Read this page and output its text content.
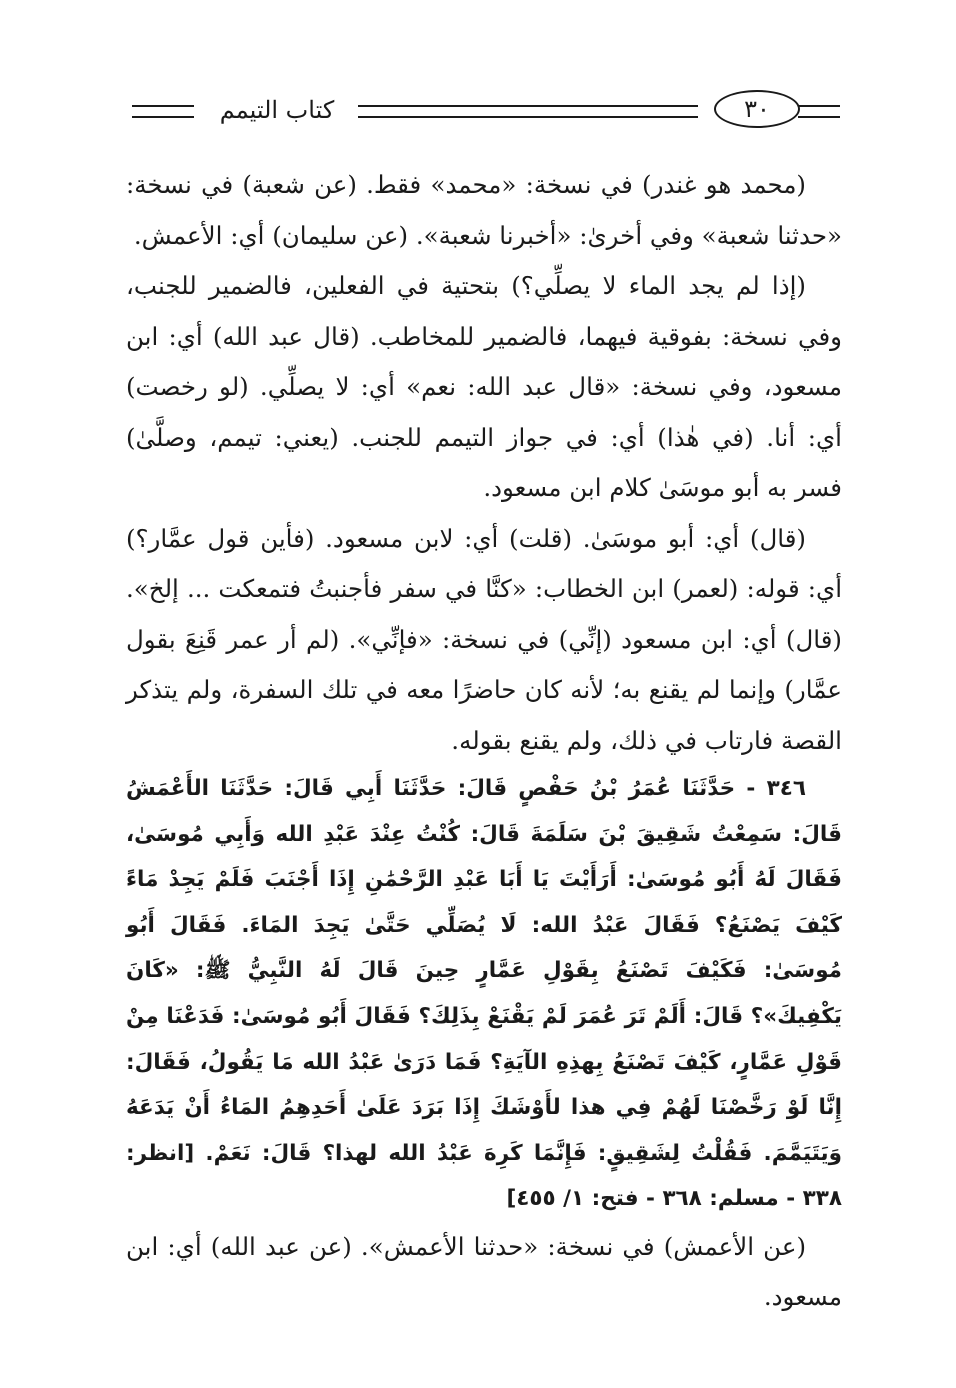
كتاب التيمم	٣٠

(محمد هو غندر) في نسخة: «محمد» فقط. (عن شعبة) في نسخة: «حدثنا شعبة» وفي أخرىٰ: «أخبرنا شعبة». (عن سليمان) أي: الأعمش.

(إذا لم يجد الماء لا يصلِّي؟) بتحتية في الفعلين، فالضمير للجنب، وفي نسخة: بفوقية فيهما، فالضمير للمخاطب. (قال عبد الله) أي: ابن مسعود، وفي نسخة: «قال عبد الله: نعم» أي: لا يصلِّي. (لو رخصت) أي: أنا. (في هٰذا) أي: في جواز التيمم للجنب. (يعني: تيمم، وصلَّىٰ) فسر به أبو موسَىٰ كلام ابن مسعود.

(قال) أي: أبو موسَىٰ. (قلت) أي: لابن مسعود. (فأين قول عمَّار؟) أي: قوله: (لعمر) ابن الخطاب: «كنَّا في سفر فأجنبتُ فتمعكت ... إلخ». (قال) أي: ابن مسعود (إنِّي) في نسخة: «فإنِّي». (لم أر عمر قَنِعَ بقول عمَّار) وإنما لم يقنع به؛ لأنه كان حاضرًا معه في تلك السفرة، ولم يتذكر القصة فارتاب في ذلك، ولم يقنع بقوله.

٣٤٦ - حَدَّثَنَا عُمَرُ بْنُ حَفْصٍ قَالَ: حَدَّثَنَا أَبِي قَالَ: حَدَّثَنَا الأَعْمَشُ قَالَ: سَمِعْتُ شَقِيقَ بْنَ سَلَمَةَ قَالَ: كُنْتُ عِنْدَ عَبْدِ الله وَأَبِي مُوسَىٰ، فَقَالَ لَهُ أَبُو مُوسَىٰ: أَرَأَيْتَ يَا أَبَا عَبْدِ الرَّحْمَٰنِ إِذَا أَجْنَبَ فَلَمْ يَجِدْ مَاءً كَيْفَ يَصْنَعُ؟ فَقَالَ عَبْدُ الله: لَا يُصَلِّي حَتَّىٰ يَجِدَ المَاءَ. فَقَالَ أَبُو مُوسَىٰ: فَكَيْفَ تَصْنَعُ بِقَوْلِ عَمَّارٍ حِينَ قَالَ لَهُ النَّبِيُّ ﷺ: «كَانَ يَكْفِيكَ»؟ قَالَ: أَلَمْ تَرَ عُمَرَ لَمْ يَقْنَعْ بِذَلِكَ؟ فَقَالَ أَبُو مُوسَىٰ: فَدَعْنَا مِنْ قَوْلِ عَمَّارٍ، كَيْفَ تَصْنَعُ بِهذِهِ الآيَةِ؟ فَمَا دَرَىٰ عَبْدُ الله مَا يَقُولُ، فَقَالَ: إِنَّا لَوْ رَخَّصْنَا لَهُمْ فِي هذا لأَوْشَكَ إِذَا بَرَدَ عَلَىٰ أَحَدِهِمُ المَاءُ أَنْ يَدَعَهُ وَيَتَيَمَّمَ. فَقُلْتُ لِشَقِيقٍ: فَإِنَّمَا كَرِهَ عَبْدُ الله لهذا؟ قَالَ: نَعَمْ. [انظر: ٣٣٨ - مسلم: ٣٦٨ - فتح: ١/ ٤٥٥]

(عن الأعمش) في نسخة: «حدثنا الأعمش». (عن عبد الله) أي: ابن مسعود.
